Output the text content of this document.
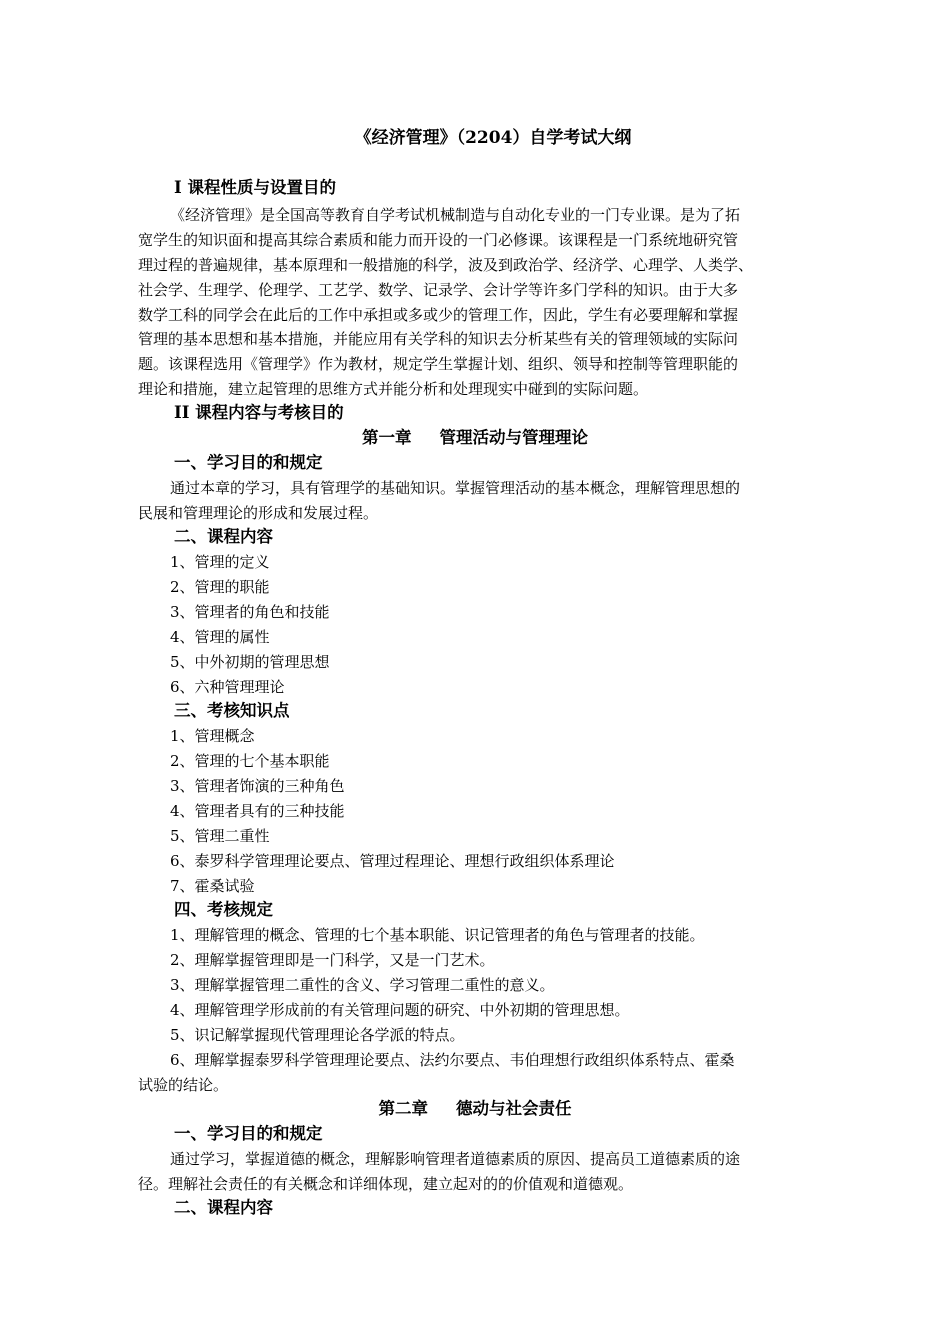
《经济管理》（2204）自学考试大纲
I 课程性质与设置目的
《经济管理》是全国高等教育自学考试机械制造与自动化专业的一门专业课。是为了拓
宽学生的知识面和提高其综合素质和能力而开设的一门必修课。该课程是一门系统地研究管
理过程的普遍规律，基本原理和一般措施的科学，波及到政治学、经济学、心理学、人类学、
社会学、生理学、伦理学、工艺学、数学、记录学、会计学等许多门学科的知识。由于大多
数学工科的同学会在此后的工作中承担或多或少的管理工作，因此，学生有必要理解和掌握
管理的基本思想和基本措施，并能应用有关学科的知识去分析某些有关的管理领域的实际问
题。该课程选用《管理学》作为教材，规定学生掌握计划、组织、领导和控制等管理职能的
理论和措施，建立起管理的思维方式并能分析和处理现实中碰到的实际问题。
II 课程内容与考核目的
第一章 管理活动与管理理论
一、学习目的和规定
通过本章的学习，具有管理学的基础知识。掌握管理活动的基本概念，理解管理思想的
民展和管理理论的形成和发展过程。
二、课程内容
1、管理的定义
2、管理的职能
3、管理者的角色和技能
4、管理的属性
5、中外初期的管理思想
6、六种管理理论
三、考核知识点
1、管理概念
2、管理的七个基本职能
3、管理者饰演的三种角色
4、管理者具有的三种技能
5、管理二重性
6、泰罗科学管理理论要点、管理过程理论、理想行政组织体系理论
7、霍桑试验
四、考核规定
1、理解管理的概念、管理的七个基本职能、识记管理者的角色与管理者的技能。
2、理解掌握管理即是一门科学，又是一门艺术。
3、理解掌握管理二重性的含义、学习管理二重性的意义。
4、理解管理学形成前的有关管理问题的研究、中外初期的管理思想。
5、识记解掌握现代管理理论各学派的特点。
6、理解掌握泰罗科学管理理论要点、法约尔要点、韦伯理想行政组织体系特点、霍桑
试验的结论。
第二章 德动与社会责任
一、学习目的和规定
通过学习，掌握道德的概念，理解影响管理者道德素质的原因、提高员工道德素质的途
径。理解社会责任的有关概念和详细体现，建立起对的的价值观和道德观。
二、课程内容
